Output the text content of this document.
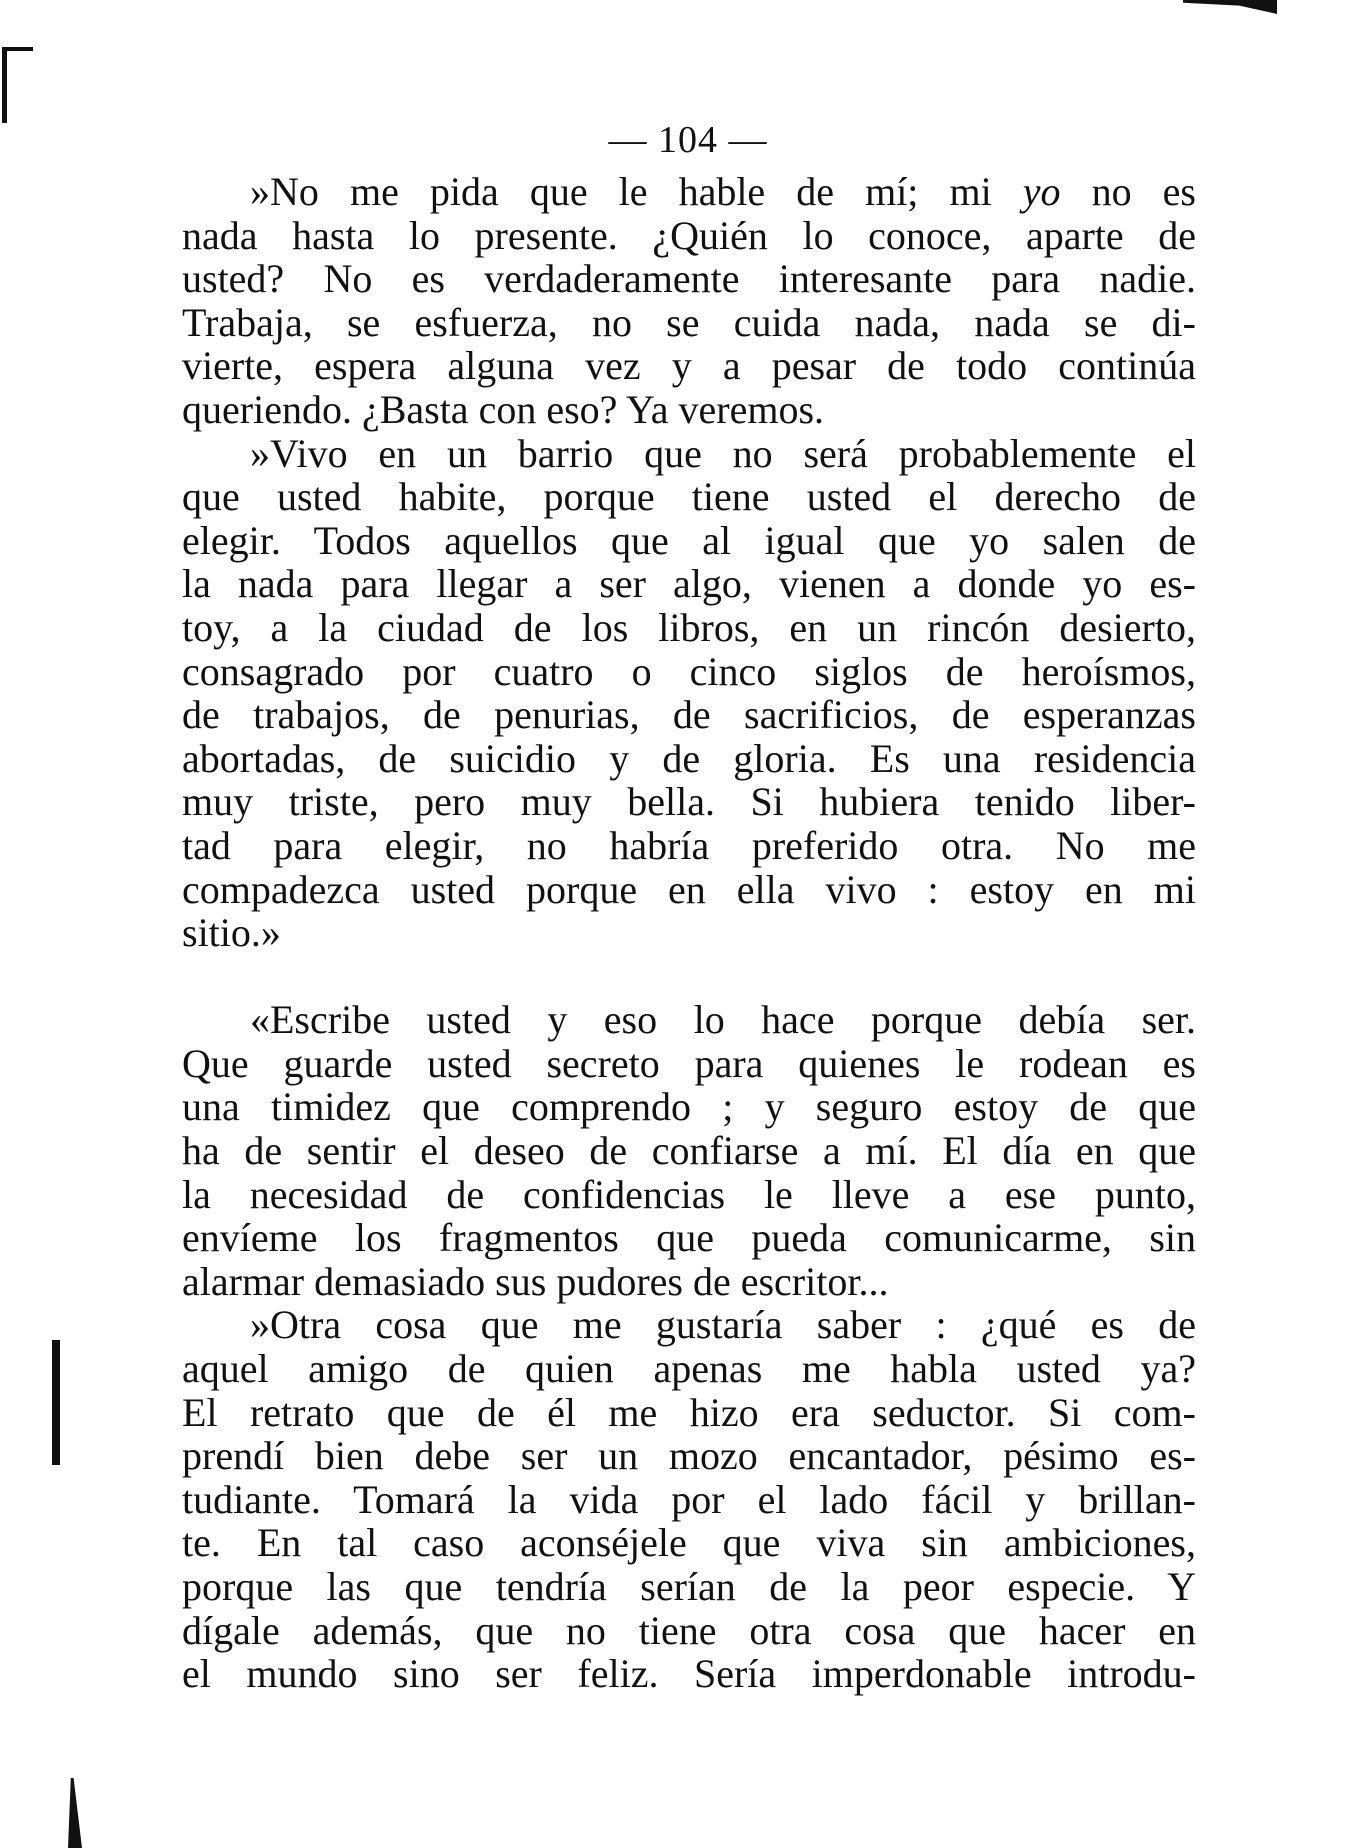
— 104 —
»No me pida que le hable de mí; mi yo no es
nada hasta lo presente. ¿Quién lo conoce, aparte de
usted? No es verdaderamente interesante para nadie.
Trabaja, se esfuerza, no se cuida nada, nada se di-
vierte, espera alguna vez y a pesar de todo continúa
queriendo. ¿Basta con eso? Ya veremos.
»Vivo en un barrio que no será probablemente el
que usted habite, porque tiene usted el derecho de
elegir. Todos aquellos que al igual que yo salen de
la nada para llegar a ser algo, vienen a donde yo es-
toy, a la ciudad de los libros, en un rincón desierto,
consagrado por cuatro o cinco siglos de heroísmos,
de trabajos, de penurias, de sacrificios, de esperanzas
abortadas, de suicidio y de gloria. Es una residencia
muy triste, pero muy bella. Si hubiera tenido liber-
tad para elegir, no habría preferido otra. No me
compadezca usted porque en ella vivo : estoy en mi
sitio.»
«Escribe usted y eso lo hace porque debía ser.
Que guarde usted secreto para quienes le rodean es
una timidez que comprendo ; y seguro estoy de que
ha de sentir el deseo de confiarse a mí. El día en que
la necesidad de confidencias le lleve a ese punto,
envíeme los fragmentos que pueda comunicarme, sin
alarmar demasiado sus pudores de escritor...
»Otra cosa que me gustaría saber : ¿qué es de
aquel amigo de quien apenas me habla usted ya?
El retrato que de él me hizo era seductor. Si com-
prendí bien debe ser un mozo encantador, pésimo es-
tudiante. Tomará la vida por el lado fácil y brillan-
te. En tal caso aconséjele que viva sin ambiciones,
porque las que tendría serían de la peor especie. Y
dígale además, que no tiene otra cosa que hacer en
el mundo sino ser feliz. Sería imperdonable introdu-
